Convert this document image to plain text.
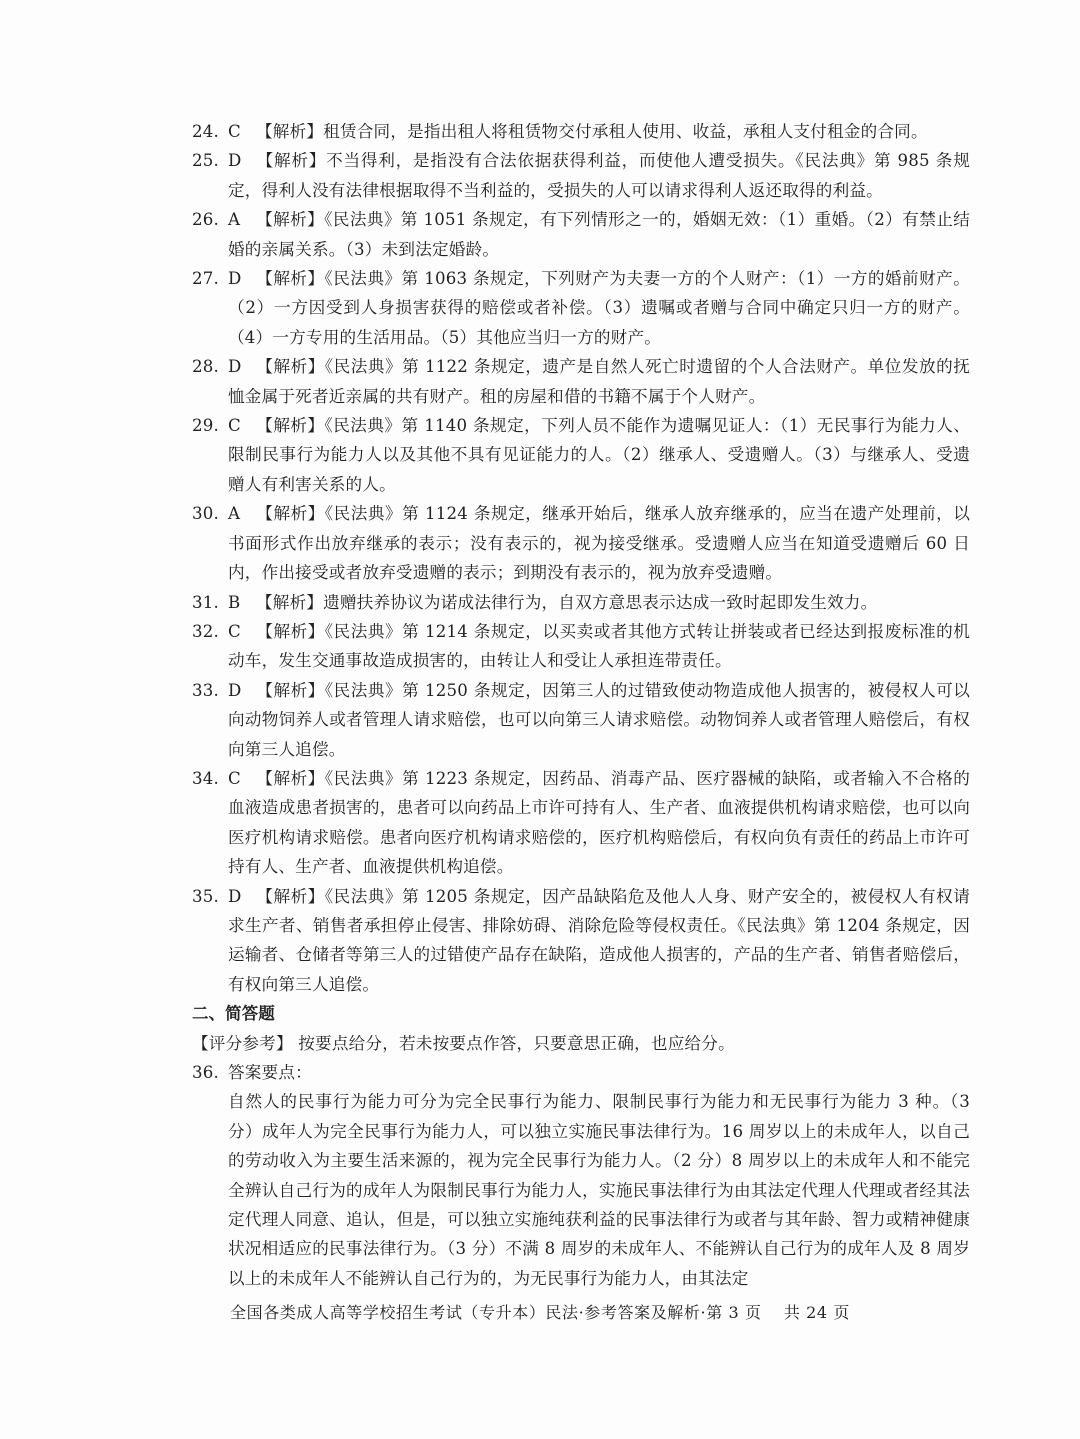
24. C 【解析】租赁合同，是指出租人将租赁物交付承租人使用、收益，承租人支付租金的合同。
25. D 【解析】不当得利，是指没有合法依据获得利益，而使他人遭受损失。《民法典》第 985 条规定，得利人没有法律根据取得不当利益的，受损失的人可以请求得利人返还取得的利益。
26. A 【解析】《民法典》第 1051 条规定，有下列情形之一的，婚姻无效：（1）重婚。（2）有禁止结婚的亲属关系。（3）未到法定婚龄。
27. D 【解析】《民法典》第 1063 条规定，下列财产为夫妻一方的个人财产：（1）一方的婚前财产。（2）一方因受到人身损害获得的赔偿或者补偿。（3）遗嘱或者赠与合同中确定只归一方的财产。（4）一方专用的生活用品。（5）其他应当归一方的财产。
28. D 【解析】《民法典》第 1122 条规定，遗产是自然人死亡时遗留的个人合法财产。单位发放的抚恤金属于死者近亲属的共有财产。租的房屋和借的书籍不属于个人财产。
29. C 【解析】《民法典》第 1140 条规定，下列人员不能作为遗嘱见证人：（1）无民事行为能力人、限制民事行为能力人以及其他不具有见证能力的人。（2）继承人、受遗赠人。（3）与继承人、受遗赠人有利害关系的人。
30. A 【解析】《民法典》第 1124 条规定，继承开始后，继承人放弃继承的，应当在遗产处理前，以书面形式作出放弃继承的表示；没有表示的，视为接受继承。受遗赠人应当在知道受遗赠后 60 日内，作出接受或者放弃受遗赠的表示；到期没有表示的，视为放弃受遗赠。
31. B 【解析】遗赠扶养协议为诺成法律行为，自双方意思表示达成一致时起即发生效力。
32. C 【解析】《民法典》第 1214 条规定，以买卖或者其他方式转让拼装或者已经达到报废标准的机动车，发生交通事故造成损害的，由转让人和受让人承担连带责任。
33. D 【解析】《民法典》第 1250 条规定，因第三人的过错致使动物造成他人损害的，被侵权人可以向动物饲养人或者管理人请求赔偿，也可以向第三人请求赔偿。动物饲养人或者管理人赔偿后，有权向第三人追偿。
34. C 【解析】《民法典》第 1223 条规定，因药品、消毒产品、医疗器械的缺陷，或者输入不合格的血液造成患者损害的，患者可以向药品上市许可持有人、生产者、血液提供机构请求赔偿，也可以向医疗机构请求赔偿。患者向医疗机构请求赔偿的，医疗机构赔偿后，有权向负有责任的药品上市许可持有人、生产者、血液提供机构追偿。
35. D 【解析】《民法典》第 1205 条规定，因产品缺陷危及他人人身、财产安全的，被侵权人有权请求生产者、销售者承担停止侵害、排除妨碍、消除危险等侵权责任。《民法典》第 1204 条规定，因运输者、仓储者等第三人的过错使产品存在缺陷，造成他人损害的，产品的生产者、销售者赔偿后，有权向第三人追偿。
二、简答题
【评分参考】 按要点给分，若未按要点作答，只要意思正确，也应给分。
36. 答案要点：
自然人的民事行为能力可分为完全民事行为能力、限制民事行为能力和无民事行为能力 3 种。（3 分）成年人为完全民事行为能力人，可以独立实施民事法律行为。16 周岁以上的未成年人，以自己的劳动收入为主要生活来源的，视为完全民事行为能力人。（2 分）8 周岁以上的未成年人和不能完全辨认自己行为的成年人为限制民事行为能力人，实施民事法律行为由其法定代理人代理或者经其法定代理人同意、追认，但是，可以独立实施纯获利益的民事法律行为或者与其年龄、智力或精神健康状况相适应的民事法律行为。（3 分）不满 8 周岁的未成年人、不能辨认自己行为的成年人及 8 周岁以上的未成年人不能辨认自己行为的，为无民事行为能力人，由其法定
全国各类成人高等学校招生考试（专升本）民法·参考答案及解析·第 3 页　 共 24 页
